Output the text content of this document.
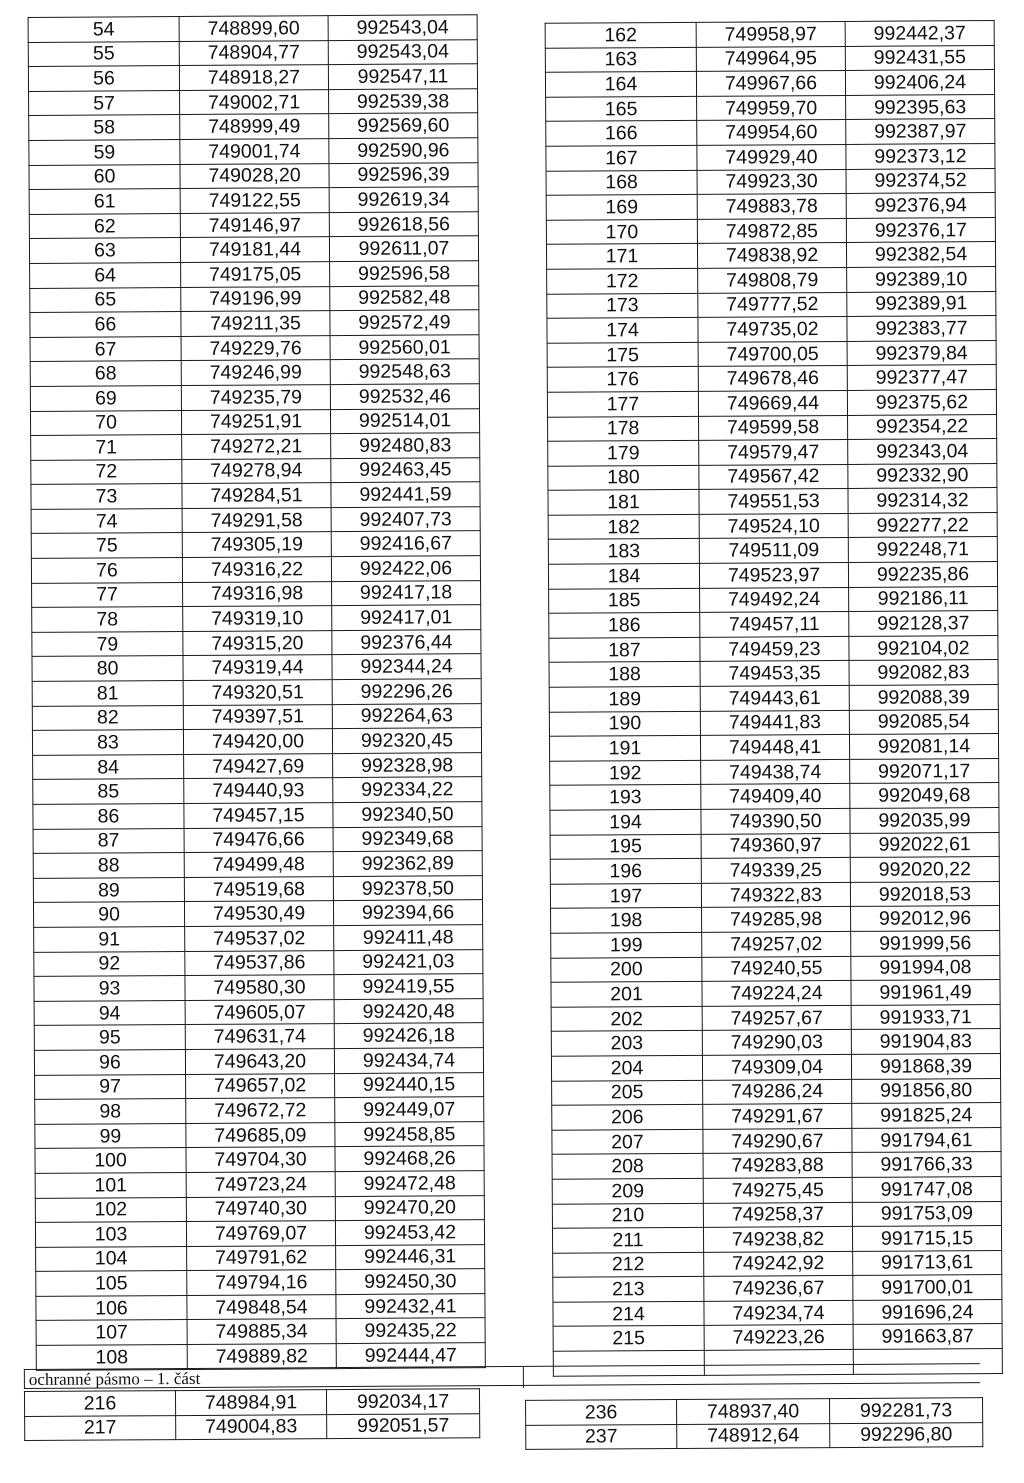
54	748899,60	992543,04
55	748904,77	992543,04
56	748918,27	992547,11
57	749002,71	992539,38
58	748999,49	992569,60
59	749001,74	992590,96
60	749028,20	992596,39
61	749122,55	992619,34
62	749146,97	992618,56
63	749181,44	992611,07
64	749175,05	992596,58
65	749196,99	992582,48
66	749211,35	992572,49
67	749229,76	992560,01
68	749246,99	992548,63
69	749235,79	992532,46
70	749251,91	992514,01
71	749272,21	992480,83
72	749278,94	992463,45
73	749284,51	992441,59
74	749291,58	992407,73
75	749305,19	992416,67
76	749316,22	992422,06
77	749316,98	992417,18
78	749319,10	992417,01
79	749315,20	992376,44
80	749319,44	992344,24
81	749320,51	992296,26
82	749397,51	992264,63
83	749420,00	992320,45
84	749427,69	992328,98
85	749440,93	992334,22
86	749457,15	992340,50
87	749476,66	992349,68
88	749499,48	992362,89
89	749519,68	992378,50
90	749530,49	992394,66
91	749537,02	992411,48
92	749537,86	992421,03
93	749580,30	992419,55
94	749605,07	992420,48
95	749631,74	992426,18
96	749643,20	992434,74
97	749657,02	992440,15
98	749672,72	992449,07
99	749685,09	992458,85
100	749704,30	992468,26
101	749723,24	992472,48
102	749740,30	992470,20
103	749769,07	992453,42
104	749791,62	992446,31
105	749794,16	992450,30
106	749848,54	992432,41
107	749885,34	992435,22
108	749889,82	992444,47
162	749958,97	992442,37
163	749964,95	992431,55
164	749967,66	992406,24
165	749959,70	992395,63
166	749954,60	992387,97
167	749929,40	992373,12
168	749923,30	992374,52
169	749883,78	992376,94
170	749872,85	992376,17
171	749838,92	992382,54
172	749808,79	992389,10
173	749777,52	992389,91
174	749735,02	992383,77
175	749700,05	992379,84
176	749678,46	992377,47
177	749669,44	992375,62
178	749599,58	992354,22
179	749579,47	992343,04
180	749567,42	992332,90
181	749551,53	992314,32
182	749524,10	992277,22
183	749511,09	992248,71
184	749523,97	992235,86
185	749492,24	992186,11
186	749457,11	992128,37
187	749459,23	992104,02
188	749453,35	992082,83
189	749443,61	992088,39
190	749441,83	992085,54
191	749448,41	992081,14
192	749438,74	992071,17
193	749409,40	992049,68
194	749390,50	992035,99
195	749360,97	992022,61
196	749339,25	992020,22
197	749322,83	992018,53
198	749285,98	992012,96
199	749257,02	991999,56
200	749240,55	991994,08
201	749224,24	991961,49
202	749257,67	991933,71
203	749290,03	991904,83
204	749309,04	991868,39
205	749286,24	991856,80
206	749291,67	991825,24
207	749290,67	991794,61
208	749283,88	991766,33
209	749275,45	991747,08
210	749258,37	991753,09
211	749238,82	991715,15
212	749242,92	991713,61
213	749236,67	991700,01
214	749234,74	991696,24
215	749223,26	991663,87

ochranné pásmo – 1. část
216	748984,91	992034,17
217	749004,83	992051,57
236	748937,40	992281,73
237	748912,64	992296,80
